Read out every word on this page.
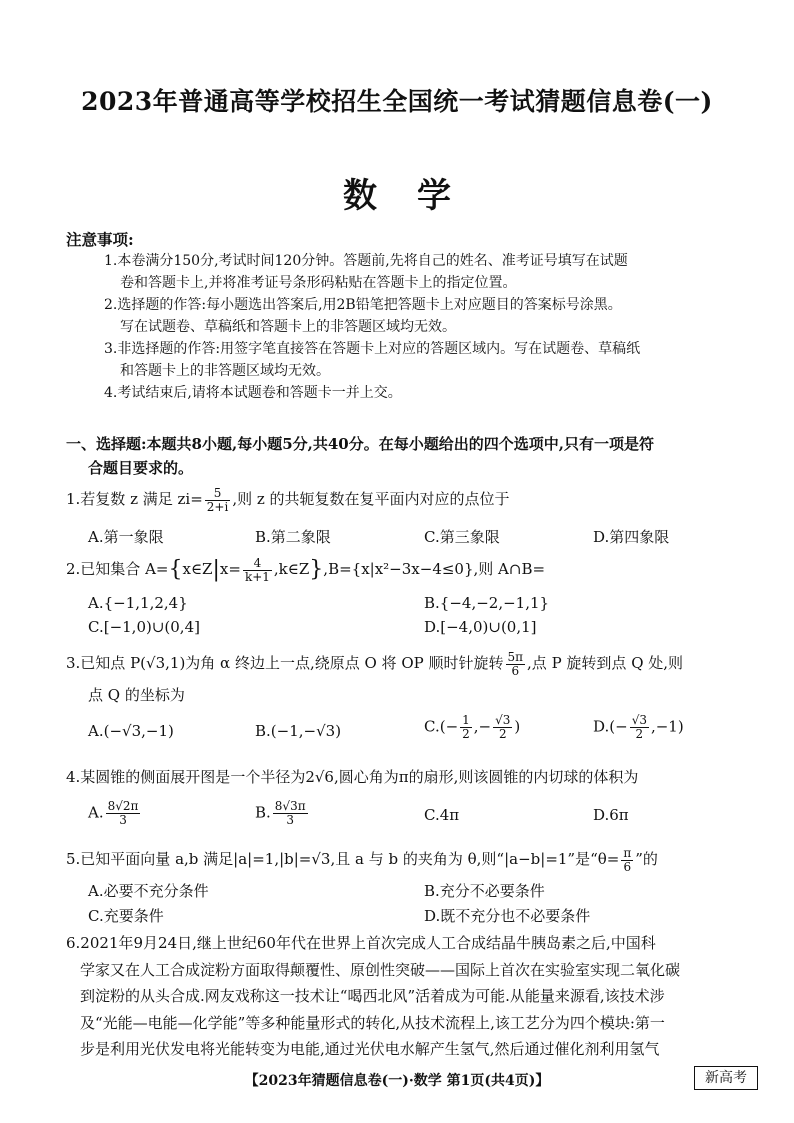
2023年普通高等学校招生全国统一考试猜题信息卷(一)
数学
注意事项:

1.本卷满分150分,考试时间120分钟。答题前,先将自己的姓名、准考证号填写在试题

卷和答题卡上,并将准考证号条形码粘贴在答题卡上的指定位置。

2.选择题的作答:每小题选出答案后,用2B铅笔把答题卡上对应题目的答案标号涂黑。

写在试题卷、草稿纸和答题卡上的非答题区域均无效。

3.非选择题的作答:用签字笔直接答在答题卡上对应的答题区域内。写在试题卷、草稿纸

和答题卡上的非答题区域均无效。

4.考试结束后,请将本试题卷和答题卡一并上交。

一、选择题:本题共8小题,每小题5分,共40分。在每小题给出的四个选项中,只有一项是符
合题目要求的。
1.若复数 z 满足 $zi= \frac{5}{2+i}$ ,则 z 的共轭复数在复平面内对应的点位于
A.第一象限	B.第二象限	C.第三象限	D.第四象限
2.已知集合 A={x∈Z|x= $\frac{4}{k+1}$ ,k∈Z},B={x|x²−3x−4≤0},则 A∩B=
A.{−1,1,2,4}	B.{−4,−2,−1,1}
C.[−1,0)∪(0,4]	D.[−4,0)∪(0,1]
3.已知点 P(√3,1)为角 α 终边上一点,绕原点 O 将 OP 顺时针旋转 $\frac{5\pi}{6}$ ,点 P 旋转到点 Q 处,则
点 Q 的坐标为
A.(−√3,−1)	B.(−1,−√3)	$C.(- \frac{1}{2}$ ,− $\frac{√3}{2}$ )	$D.(- \frac{√3}{2} ,-1)$
4.某圆锥的侧面展开图是一个半径为2√6,圆心角为π的扇形,则该圆锥的内切球的体积为
A. $\frac{8√2\pi}{3}$	B. $\frac{8√3\pi}{3}$	C.4π	D.6π
5.已知平面向量 a,b 满足|a|=1,|b|=√3,且 a 与 b 的夹角为 θ,则“|a−b|=1”是“$\theta= \frac{\pi}{6}$ ”的
A.必要不充分条件	B.充分不必要条件
C.充要条件	D.既不充分也不必要条件
6.2021年9月24日,继上世纪60年代在世界上首次完成人工合成结晶牛胰岛素之后,中国科
学家又在人工合成淀粉方面取得颠覆性、原创性突破——国际上首次在实验室实现二氧化碳
到淀粉的从头合成.网友戏称这一技术让“喝西北风”活着成为可能.从能量来源看,该技术涉
及“光能—电能—化学能”等多种能量形式的转化,从技术流程上,该工艺分为四个模块:第一
步是利用光伏发电将光能转变为电能,通过光伏电水解产生氢气,然后通过催化剂利用氢气
【2023年猜题信息卷(一)·数学 第1页(共4页)】	新高考
